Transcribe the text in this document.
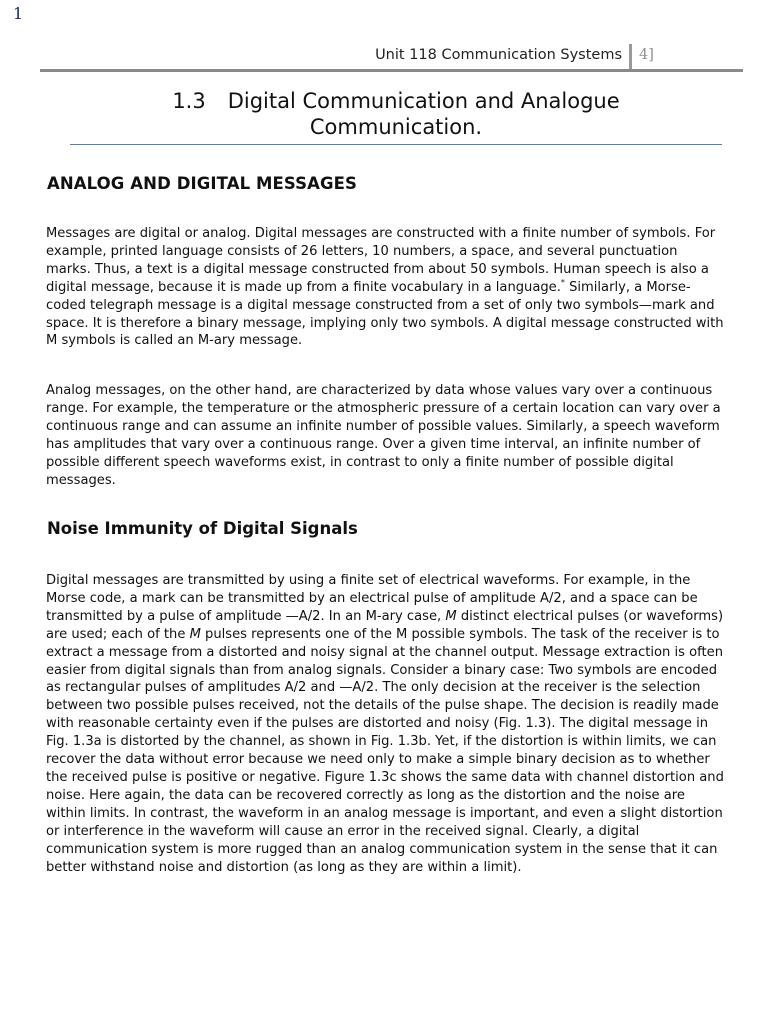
1
Unit 118 Communication Systems 4]
1.3 Digital Communication and Analogue
Communication.
ANALOG AND DIGITAL MESSAGES

Messages are digital or analog. Digital messages are constructed with a finite number of symbols. For example, printed language consists of 26 letters, 10 numbers, a space, and several punctuation marks. Thus, a text is a digital message constructed from about 50 symbols. Human speech is also a digital message, because it is made up from a finite vocabulary in a language.* Similarly, a Morse-coded telegraph message is a digital message constructed from a set of only two symbols—mark and space. It is therefore a binary message, implying only two symbols. A digital message constructed with M symbols is called an M-ary message.

Analog messages, on the other hand, are characterized by data whose values vary over a continuous range. For example, the temperature or the atmospheric pressure of a certain location can vary over a continuous range and can assume an infinite number of possible values. Similarly, a speech waveform has amplitudes that vary over a continuous range. Over a given time interval, an infinite number of possible different speech waveforms exist, in contrast to only a finite number of possible digital messages.

Noise Immunity of Digital Signals

Digital messages are transmitted by using a finite set of electrical waveforms. For example, in the Morse code, a mark can be transmitted by an electrical pulse of amplitude A/2, and a space can be transmitted by a pulse of amplitude —A/2. In an M-ary case, M distinct electrical pulses (or waveforms) are used; each of the M pulses represents one of the M possible symbols. The task of the receiver is to extract a message from a distorted and noisy signal at the channel output. Message extraction is often easier from digital signals than from analog signals. Consider a binary case: Two symbols are encoded as rectangular pulses of amplitudes A/2 and —A/2. The only decision at the receiver is the selection between two possible pulses received, not the details of the pulse shape. The decision is readily made with reasonable certainty even if the pulses are distorted and noisy (Fig. 1.3). The digital message in Fig. 1.3a is distorted by the channel, as shown in Fig. 1.3b. Yet, if the distortion is within limits, we can recover the data without error because we need only to make a simple binary decision as to whether the received pulse is positive or negative. Figure 1.3c shows the same data with channel distortion and noise. Here again, the data can be recovered correctly as long as the distortion and the noise are within limits. In contrast, the waveform in an analog message is important, and even a slight distortion or interference in the waveform will cause an error in the received signal. Clearly, a digital communication system is more rugged than an analog communication system in the sense that it can better withstand noise and distortion (as long as they are within a limit).
